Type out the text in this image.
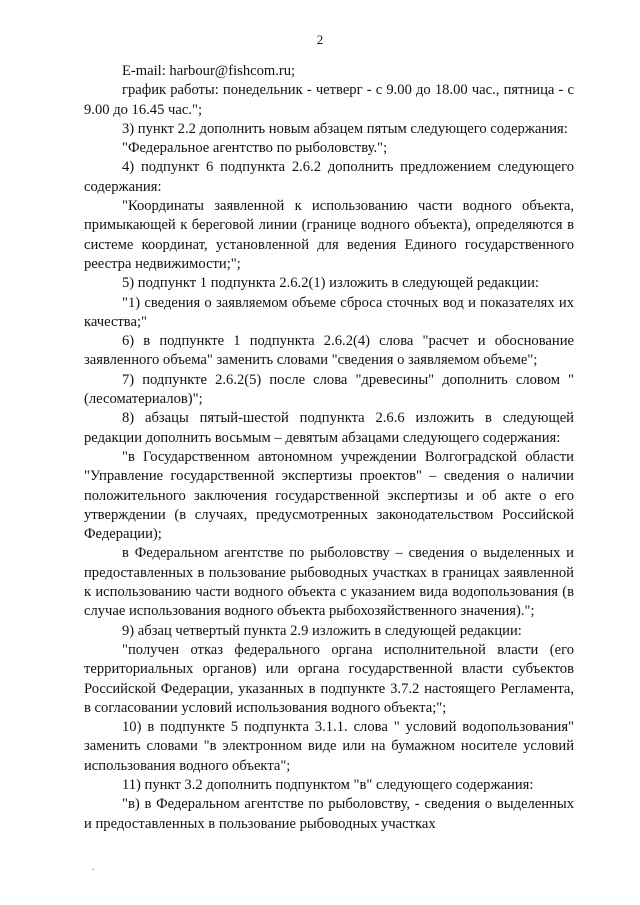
2

E-mail: harbour@fishcom.ru;

график работы: понедельник - четверг - с 9.00 до 18.00 час., пятница - с 9.00 до 16.45 час.";

3) пункт 2.2 дополнить новым абзацем пятым следующего содержания:

"Федеральное агентство по рыболовству.";

4) подпункт 6 подпункта 2.6.2 дополнить предложением следующего содержания:

"Координаты заявленной к использованию части водного объекта, примыкающей к береговой линии (границе водного объекта), определяются в системе координат, установленной для ведения Единого государственного реестра недвижимости;";

5) подпункт 1 подпункта 2.6.2(1) изложить в следующей редакции:

"1) сведения о заявляемом объеме сброса сточных вод и показателях их качества;"

6) в подпункте 1 подпункта 2.6.2(4) слова "расчет и обоснование заявленного объема" заменить словами "сведения о заявляемом объеме";

7) подпункте 2.6.2(5) после слова "древесины" дополнить словом "(лесоматериалов)";

8) абзацы пятый-шестой подпункта 2.6.6 изложить в следующей редакции дополнить восьмым – девятым абзацами следующего содержания:

"в Государственном автономном учреждении Волгоградской области "Управление государственной экспертизы проектов" – сведения о наличии положительного заключения государственной экспертизы и об акте о его утверждении (в случаях, предусмотренных законодательством Российской Федерации);

в Федеральном агентстве по рыболовству – сведения о выделенных и предоставленных в пользование рыбоводных участках в границах заявленной к использованию части водного объекта с указанием вида водопользования (в случае использования водного объекта рыбохозяйственного значения).";

9) абзац четвертый пункта 2.9 изложить в следующей редакции:

"получен отказ федерального органа исполнительной власти (его территориальных органов) или органа государственной власти субъектов Российской Федерации, указанных в подпункте 3.7.2 настоящего Регламента, в согласовании условий использования водного объекта;";

10) в подпункте 5 подпункта 3.1.1. слова " условий водопользования" заменить словами "в электронном виде или на бумажном носителе условий использования водного объекта";

11) пункт 3.2 дополнить подпунктом "в" следующего содержания:

"в) в Федеральном агентстве по рыболовству, - сведения о выделенных и предоставленных в пользование рыбоводных участках

.
